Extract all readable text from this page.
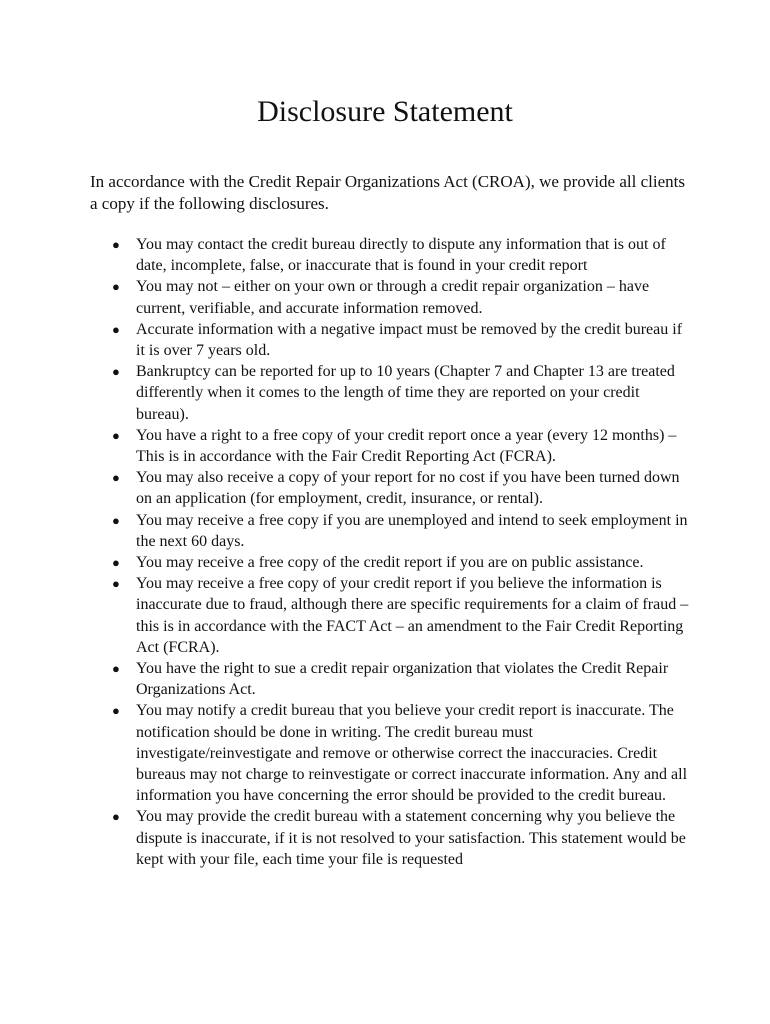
Disclosure Statement

In accordance with the Credit Repair Organizations Act (CROA), we provide all clients a copy if the following disclosures.

● You may contact the credit bureau directly to dispute any information that is out of date, incomplete, false, or inaccurate that is found in your credit report
● You may not – either on your own or through a credit repair organization – have current, verifiable, and accurate information removed.
● Accurate information with a negative impact must be removed by the credit bureau if it is over 7 years old.
● Bankruptcy can be reported for up to 10 years (Chapter 7 and Chapter 13 are treated differently when it comes to the length of time they are reported on your credit bureau).
● You have a right to a free copy of your credit report once a year (every 12 months) – This is in accordance with the Fair Credit Reporting Act (FCRA).
● You may also receive a copy of your report for no cost if you have been turned down on an application (for employment, credit, insurance, or rental).
● You may receive a free copy if you are unemployed and intend to seek employment in the next 60 days.
● You may receive a free copy of the credit report if you are on public assistance.
● You may receive a free copy of your credit report if you believe the information is inaccurate due to fraud, although there are specific requirements for a claim of fraud – this is in accordance with the FACT Act – an amendment to the Fair Credit Reporting Act (FCRA).
● You have the right to sue a credit repair organization that violates the Credit Repair Organizations Act.
● You may notify a credit bureau that you believe your credit report is inaccurate. The notification should be done in writing. The credit bureau must investigate/reinvestigate and remove or otherwise correct the inaccuracies. Credit bureaus may not charge to reinvestigate or correct inaccurate information. Any and all information you have concerning the error should be provided to the credit bureau.
● You may provide the credit bureau with a statement concerning why you believe the dispute is inaccurate, if it is not resolved to your satisfaction. This statement would be kept with your file, each time your file is requested
